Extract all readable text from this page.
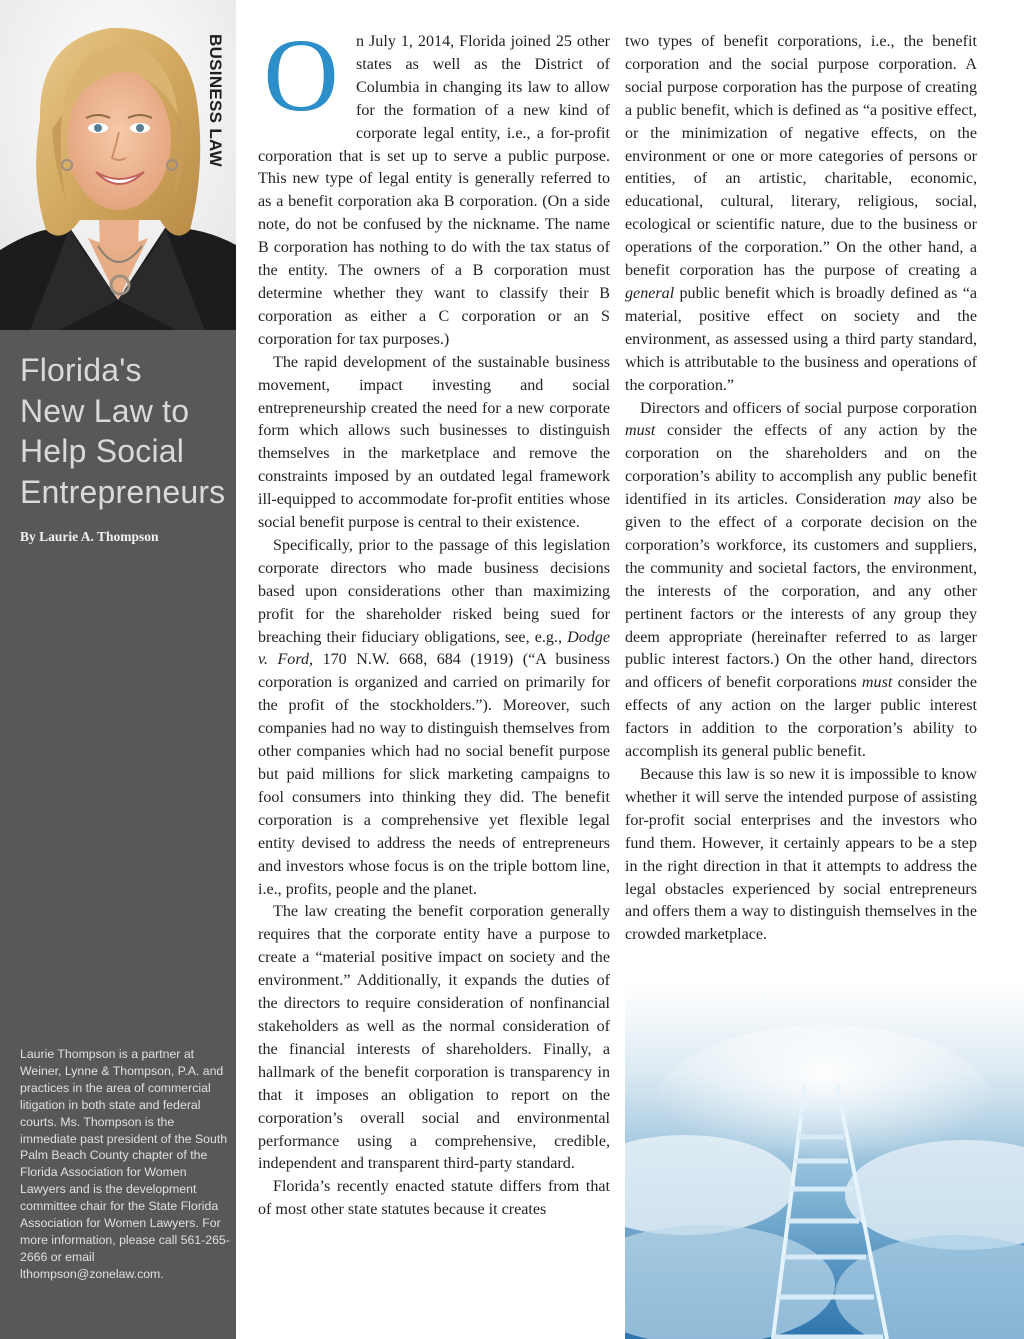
BUSINESS LAW
Florida's
New Law to
Help Social
Entrepreneurs
By Laurie A. Thompson

Laurie Thompson is a partner at Weiner, Lynne & Thompson, P.A. and practices in the area of commercial litigation in both state and federal courts. Ms. Thompson is the immediate past president of the South Palm Beach County chapter of the Florida Association for Women Lawyers and is the development committee chair for the State Florida Association for Women Lawyers. For more information, please call 561-265-2666 or email lthompson@zonelaw.com.

O	n July 1, 2014, Florida joined 25 other states as well as the District of Columbia in changing its law to allow for the formation of a new kind of corporate legal entity, i.e., a for-profit corporation that is set up to serve a public purpose. This new type of legal entity is generally referred to as a benefit corporation aka B corporation. (On a side note, do not be confused by the nickname. The name B corporation has nothing to do with the tax status of the entity. The owners of a B corporation must determine whether they want to classify their B corporation as either a C corporation or an S corporation for tax purposes.)

The rapid development of the sustainable business movement, impact investing and social entrepreneurship created the need for a new corporate form which allows such businesses to distinguish themselves in the marketplace and remove the constraints imposed by an outdated legal framework ill-equipped to accommodate for-profit entities whose social benefit purpose is central to their existence.

Specifically, prior to the passage of this legislation corporate directors who made business decisions based upon considerations other than maximizing profit for the shareholder risked being sued for breaching their fiduciary obligations, see, e.g., Dodge v. Ford, 170 N.W. 668, 684 (1919) (“A business corporation is organized and carried on primarily for the profit of the stockholders.”). Moreover, such companies had no way to distinguish themselves from other companies which had no social benefit purpose but paid millions for slick marketing campaigns to fool consumers into thinking they did. The benefit corporation is a comprehensive yet flexible legal entity devised to address the needs of entrepreneurs and investors whose focus is on the triple bottom line, i.e., profits, people and the planet.

The law creating the benefit corporation generally requires that the corporate entity have a purpose to create a “material positive impact on society and the environment.” Additionally, it expands the duties of the directors to require consideration of nonfinancial stakeholders as well as the normal consideration of the financial interests of shareholders. Finally, a hallmark of the benefit corporation is transparency in that it imposes an obligation to report on the corporation’s overall social and environmental performance using a comprehensive, credible, independent and transparent third-party standard.

Florida’s recently enacted statute differs from that of most other state statutes because it creates

two types of benefit corporations, i.e., the benefit corporation and the social purpose corporation. A social purpose corporation has the purpose of creating a public benefit, which is defined as “a positive effect, or the minimization of negative effects, on the environment or one or more categories of persons or entities, of an artistic, charitable, economic, educational, cultural, literary, religious, social, ecological or scientific nature, due to the business or operations of the corporation.” On the other hand, a benefit corporation has the purpose of creating a general public benefit which is broadly defined as “a material, positive effect on society and the environment, as assessed using a third party standard, which is attributable to the business and operations of the corporation.”

Directors and officers of social purpose corporation must consider the effects of any action by the corporation on the shareholders and on the corporation’s ability to accomplish any public benefit identified in its articles. Consideration may also be given to the effect of a corporate decision on the corporation’s workforce, its customers and suppliers, the community and societal factors, the environment, the interests of the corporation, and any other pertinent factors or the interests of any group they deem appropriate (hereinafter referred to as larger public interest factors.) On the other hand, directors and officers of benefit corporations must consider the effects of any action on the larger public interest factors in addition to the corporation’s ability to accomplish its general public benefit.

Because this law is so new it is impossible to know whether it will serve the intended purpose of assisting for-profit social enterprises and the investors who fund them. However, it certainly appears to be a step in the right direction in that it attempts to address the legal obstacles experienced by social entrepreneurs and offers them a way to distinguish themselves in the crowded marketplace.
